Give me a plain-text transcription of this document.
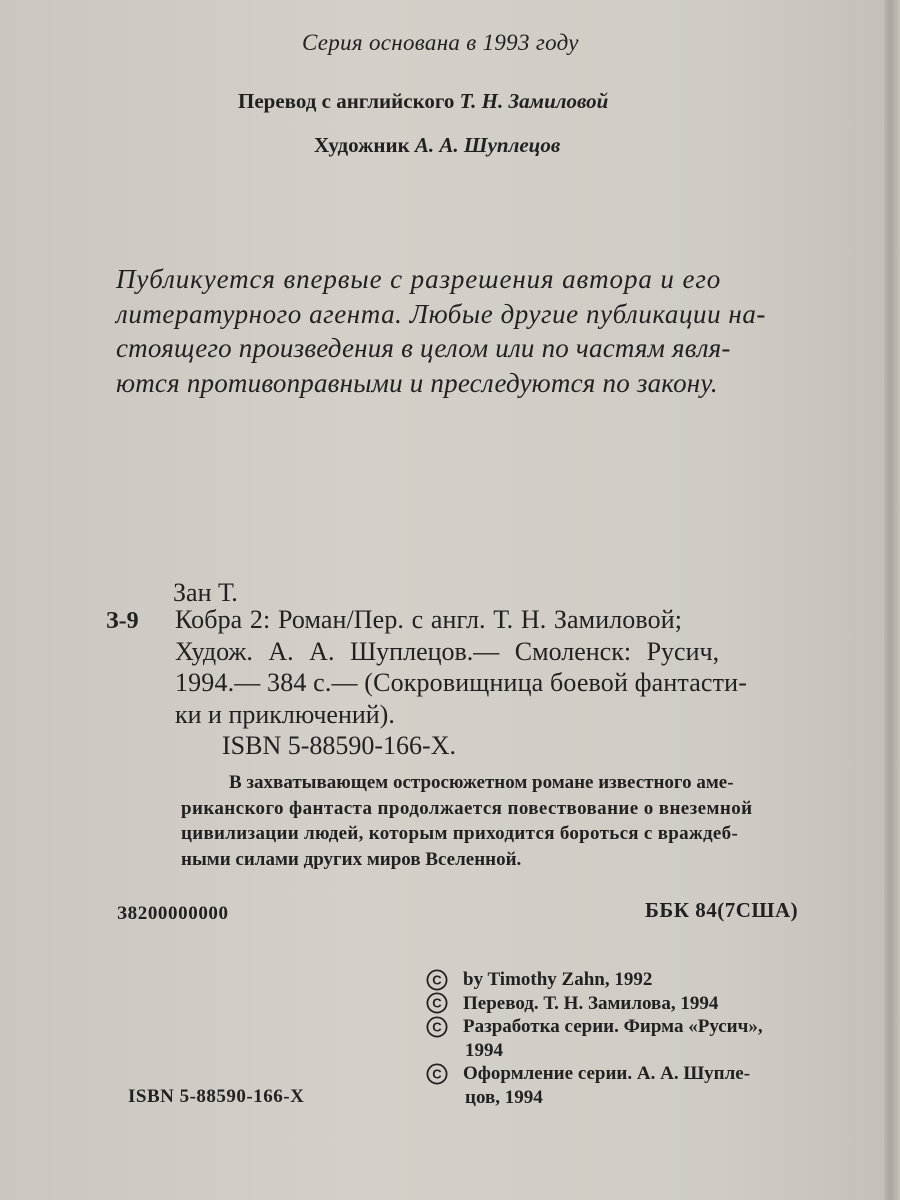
Серия основана в 1993 году

Перевод с английского Т. Н. Замиловой

Художник А. А. Шуплецов

Публикуется впервые с разрешения автора и его

литературного агента. Любые другие публикации на-

стоящего произведения в целом или по частям явля-

ются противоправными и преследуются по закону.

Зан Т.

З-9 Кобра 2: Роман/Пер. с англ. Т. Н. Замиловой;

Худож. А. А. Шуплецов.— Смоленск: Русич,

1994.— 384 с.— (Сокровищница боевой фантасти-

ки и приключений).

ISBN 5-88590-166-X.

В захватывающем остросюжетном романе известного аме-

риканского фантаста продолжается повествование о внеземной

цивилизации людей, которым приходится бороться с враждеб-

ными силами других миров Вселенной.

З8200000000	ББК 84(7США)

C by Timothy Zahn, 1992
C Перевод. Т. Н. Замилова, 1994
C Разработка серии. Фирма «Русич»,
1994
C Оформление серии. А. А. Шупле-
цов, 1994

ISBN 5-88590-166-X
